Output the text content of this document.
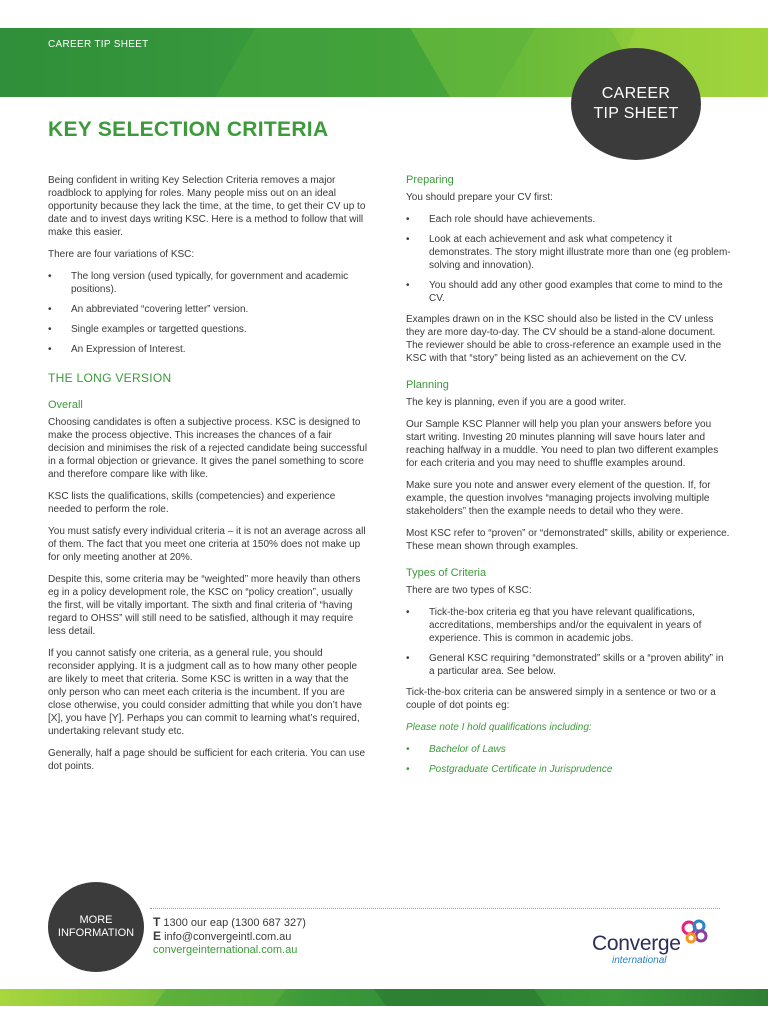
CAREER TIP SHEET
CAREER
TIP SHEET
KEY SELECTION CRITERIA

Being confident in writing Key Selection Criteria removes a major roadblock to applying for roles. Many people miss out on an ideal opportunity because they lack the time, at the time, to get their CV up to date and to invest days writing KSC. Here is a method to follow that will make this easier.

There are four variations of KSC:

• The long version (used typically, for government and academic positions).
• An abbreviated “covering letter” version.
• Single examples or targetted questions.
• An Expression of Interest.
THE LONG VERSION
Overall

Choosing candidates is often a subjective process. KSC is designed to make the process objective. This increases the chances of a fair decision and minimises the risk of a rejected candidate being successful in a formal objection or grievance. It gives the panel something to score and therefore compare like with like.

KSC lists the qualifications, skills (competencies) and experience needed to perform the role.

You must satisfy every individual criteria – it is not an average across all of them. The fact that you meet one criteria at 150% does not make up for only meeting another at 20%.

Despite this, some criteria may be “weighted” more heavily than others eg in a policy development role, the KSC on “policy creation”, usually the first, will be vitally important. The sixth and final criteria of “having regard to OHSS” will still need to be satisfied, although it may require less detail.

If you cannot satisfy one criteria, as a general rule, you should reconsider applying. It is a judgment call as to how many other people are likely to meet that criteria. Some KSC is written in a way that the only person who can meet each criteria is the incumbent. If you are close otherwise, you could consider admitting that while you don’t have [X], you have [Y]. Perhaps you can commit to learning what’s required, undertaking relevant study etc.

Generally, half a page should be sufficient for each criteria. You can use dot points.

Preparing

You should prepare your CV first:

• Each role should have achievements.
• Look at each achievement and ask what competency it demonstrates. The story might illustrate more than one (eg problem-solving and innovation).
• You should add any other good examples that come to mind to the CV.

Examples drawn on in the KSC should also be listed in the CV unless they are more day-to-day. The CV should be a stand-alone document. The reviewer should be able to cross-reference an example used in the KSC with that “story” being listed as an achievement on the CV.

Planning

The key is planning, even if you are a good writer.

Our Sample KSC Planner will help you plan your answers before you start writing. Investing 20 minutes planning will save hours later and reaching halfway in a muddle. You need to plan two different examples for each criteria and you may need to shuffle examples around.

Make sure you note and answer every element of the question. If, for example, the question involves “managing projects involving multiple stakeholders” then the example needs to detail who they were.

Most KSC refer to “proven” or “demonstrated” skills, ability or experience. These mean shown through examples.

Types of Criteria

There are two types of KSC:

• Tick-the-box criteria eg that you have relevant qualifications, accreditations, memberships and/or the equivalent in years of experience. This is common in academic jobs.
• General KSC requiring “demonstrated” skills or a “proven ability” in a particular area. See below.

Tick-the-box criteria can be answered simply in a sentence or two or a couple of dot points eg:

Please note I hold qualifications including:

• Bachelor of Laws
• Postgraduate Certificate in Jurisprudence
MORE
INFORMATION
T 1300 our eap (1300 687 327)
E info@convergeintl.com.au
convergeinternational.com.au	Converge
international
